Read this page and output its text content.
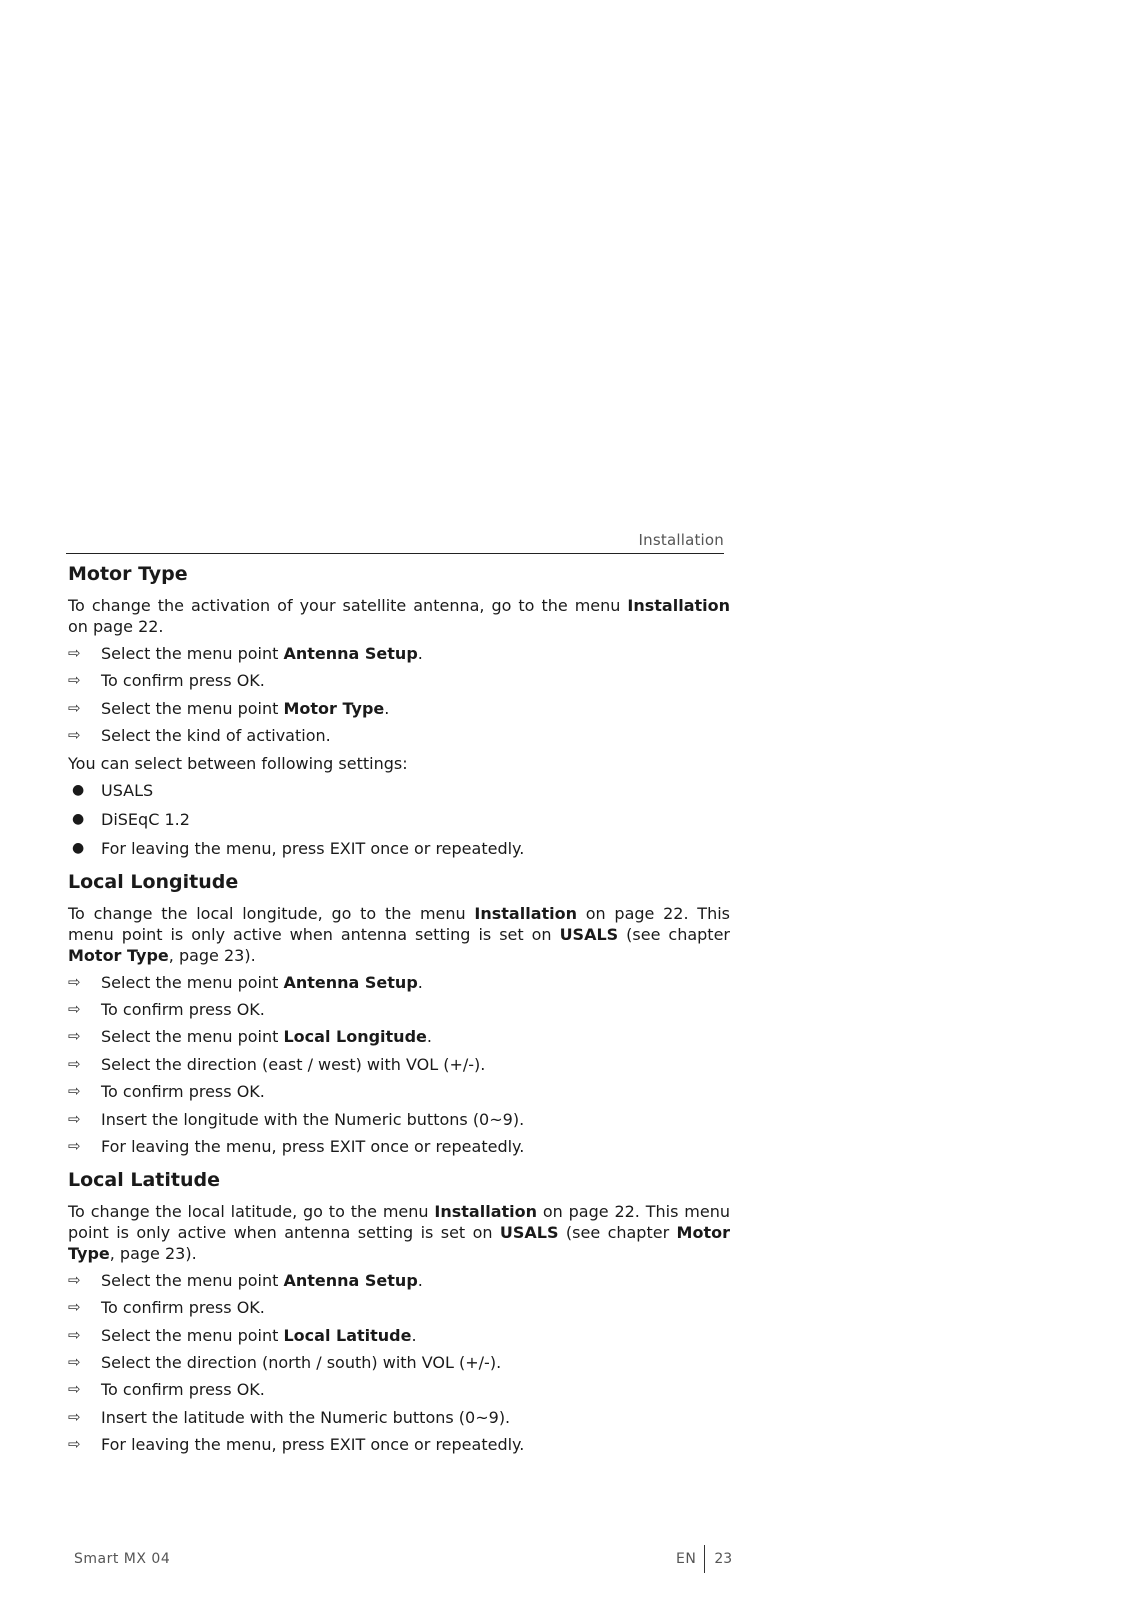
Installation
Motor Type

To change the activation of your satellite antenna, go to the menu Installation on page 22.

⇨ Select the menu point Antenna Setup.
⇨ To confirm press OK.
⇨ Select the menu point Motor Type.
⇨ Select the kind of activation.

You can select between following settings:

● USALS
● DiSEqC 1.2
● For leaving the menu, press EXIT once or repeatedly.
Local Longitude

To change the local longitude, go to the menu Installation on page 22. This menu point is only active when antenna setting is set on USALS (see chapter Motor Type, page 23).

⇨ Select the menu point Antenna Setup.
⇨ To confirm press OK.
⇨ Select the menu point Local Longitude.
⇨ Select the direction (east / west) with VOL (+/-).
⇨ To confirm press OK.
⇨ Insert the longitude with the Numeric buttons (0~9).
⇨ For leaving the menu, press EXIT once or repeatedly.
Local Latitude

To change the local latitude, go to the menu Installation on page 22. This menu point is only active when antenna setting is set on USALS (see chapter Motor Type, page 23).

⇨ Select the menu point Antenna Setup.
⇨ To confirm press OK.
⇨ Select the menu point Local Latitude.
⇨ Select the direction (north / south) with VOL (+/-).
⇨ To confirm press OK.
⇨ Insert the latitude with the Numeric buttons (0~9).
⇨ For leaving the menu, press EXIT once or repeatedly.
Smart MX 04	EN	23
